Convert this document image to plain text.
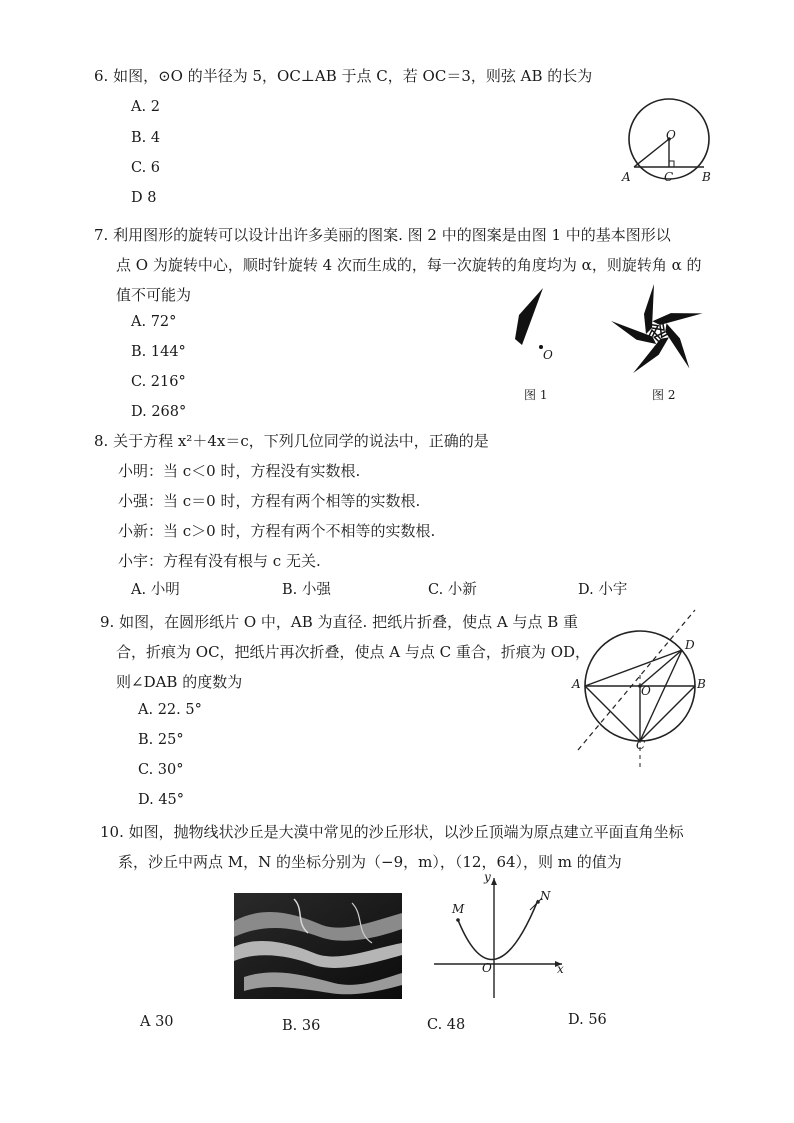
6. 如图，⊙O 的半径为 5，OC⊥AB 于点 C，若 OC＝3，则弦 AB 的长为
A. 2
B. 4
C. 6
D 8
O
A	C B
7. 利用图形的旋转可以设计出许多美丽的图案. 图 2 中的图案是由图 1 中的基本图形以
点 O 为旋转中心，顺时针旋转 4 次而生成的，每一次旋转的角度均为 α，则旋转角 α 的
值不可能为
A. 72°
B. 144°
C. 216°
D. 268°
O
图 1	图 2
8. 关于方程 x²＋4x＝c，下列几位同学的说法中，正确的是
小明：当 c＜0 时，方程没有实数根.
小强：当 c＝0 时，方程有两个相等的实数根.
小新：当 c＞0 时，方程有两个不相等的实数根.
小宇：方程有没有根与 c 无关.
A. 小明	B. 小强	C. 小新	D. 小宇
9. 如图，在圆形纸片 O 中，AB 为直径. 把纸片折叠，使点 A 与点 B 重
合，折痕为 OC，把纸片再次折叠，使点 A 与点 C 重合，折痕为 OD，
则∠DAB 的度数为
A. 22. 5°
B. 25°
C. 30°
D. 45°
A	O	B
C
D
10. 如图，抛物线状沙丘是大漠中常见的沙丘形状，以沙丘顶端为原点建立平面直角坐标
系，沙丘中两点 M，N 的坐标分别为（−9，m），（12，64），则 m 的值为
y
x
O
M
N
A 30	B. 36	C. 48	D. 56
